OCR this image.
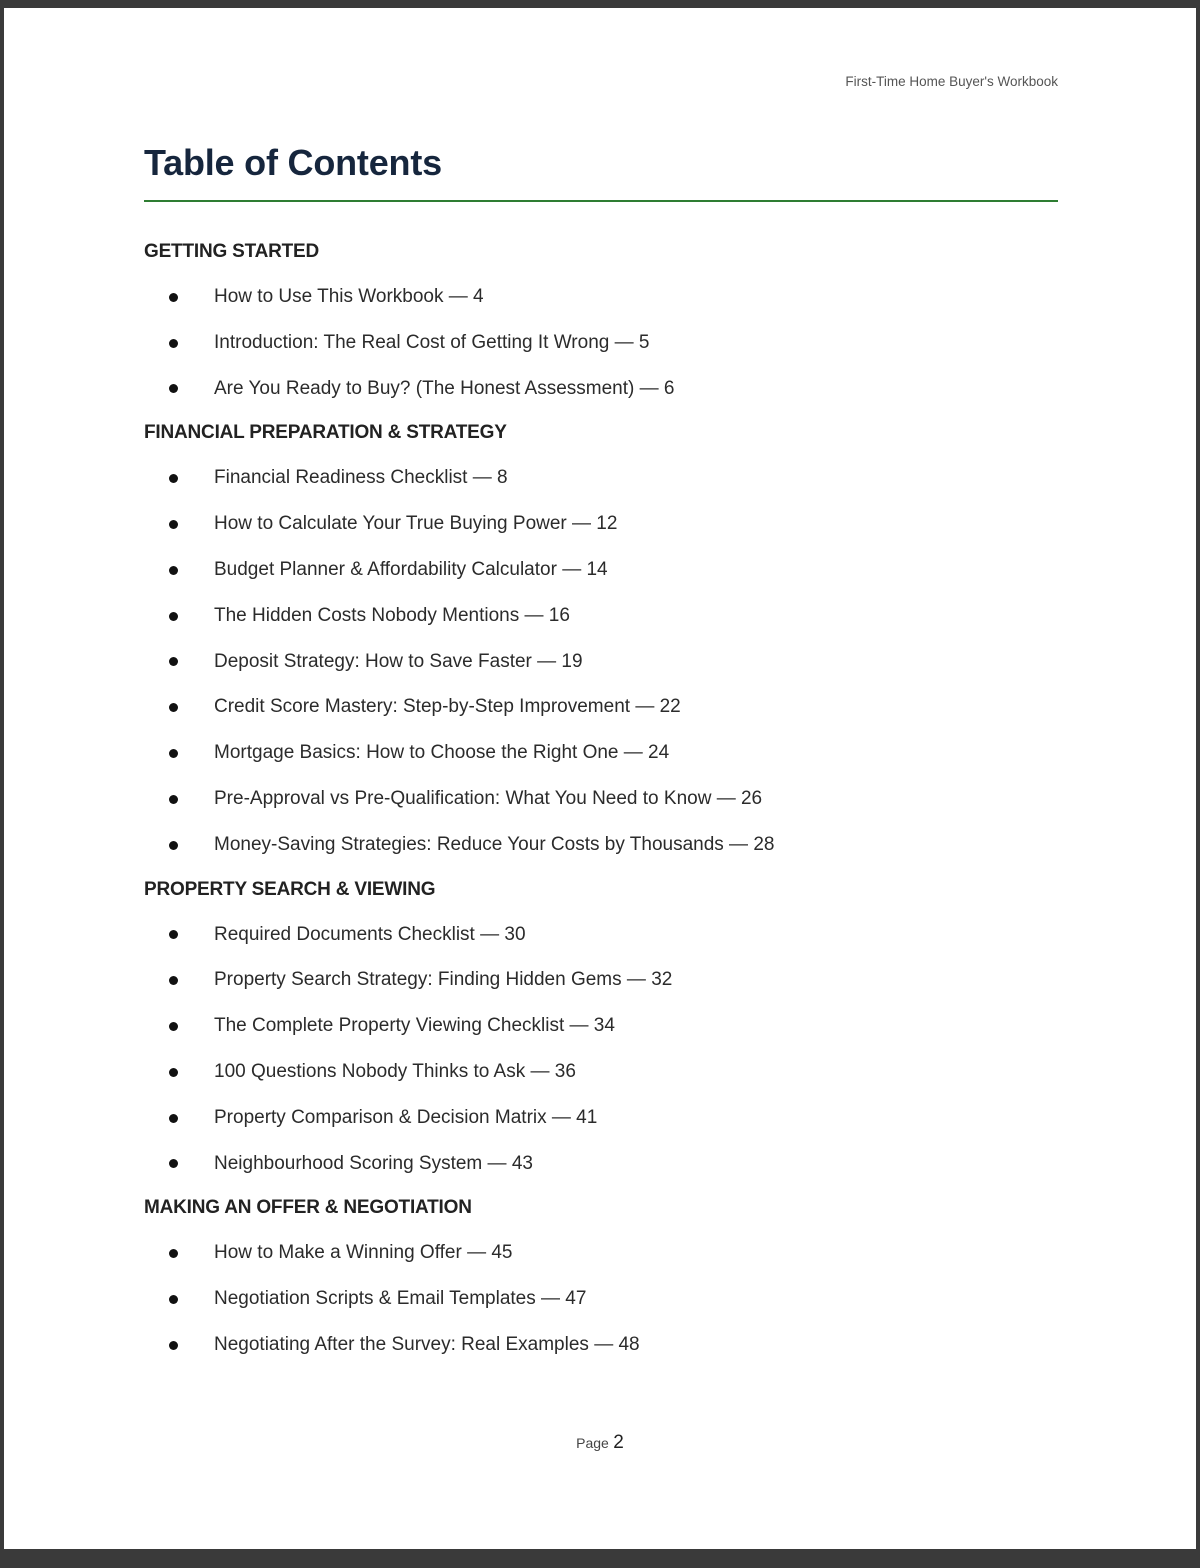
First-Time Home Buyer's Workbook

Table of Contents
GETTING STARTED
How to Use This Workbook — 4
Introduction: The Real Cost of Getting It Wrong — 5
Are You Ready to Buy? (The Honest Assessment) — 6
FINANCIAL PREPARATION & STRATEGY
Financial Readiness Checklist — 8
How to Calculate Your True Buying Power — 12
Budget Planner & Affordability Calculator — 14
The Hidden Costs Nobody Mentions — 16
Deposit Strategy: How to Save Faster — 19
Credit Score Mastery: Step-by-Step Improvement — 22
Mortgage Basics: How to Choose the Right One — 24
Pre-Approval vs Pre-Qualification: What You Need to Know — 26
Money-Saving Strategies: Reduce Your Costs by Thousands — 28
PROPERTY SEARCH & VIEWING
Required Documents Checklist — 30
Property Search Strategy: Finding Hidden Gems — 32
The Complete Property Viewing Checklist — 34
100 Questions Nobody Thinks to Ask — 36
Property Comparison & Decision Matrix — 41
Neighbourhood Scoring System — 43
MAKING AN OFFER & NEGOTIATION
How to Make a Winning Offer — 45
Negotiation Scripts & Email Templates — 47
Negotiating After the Survey: Real Examples — 48
Page 2
